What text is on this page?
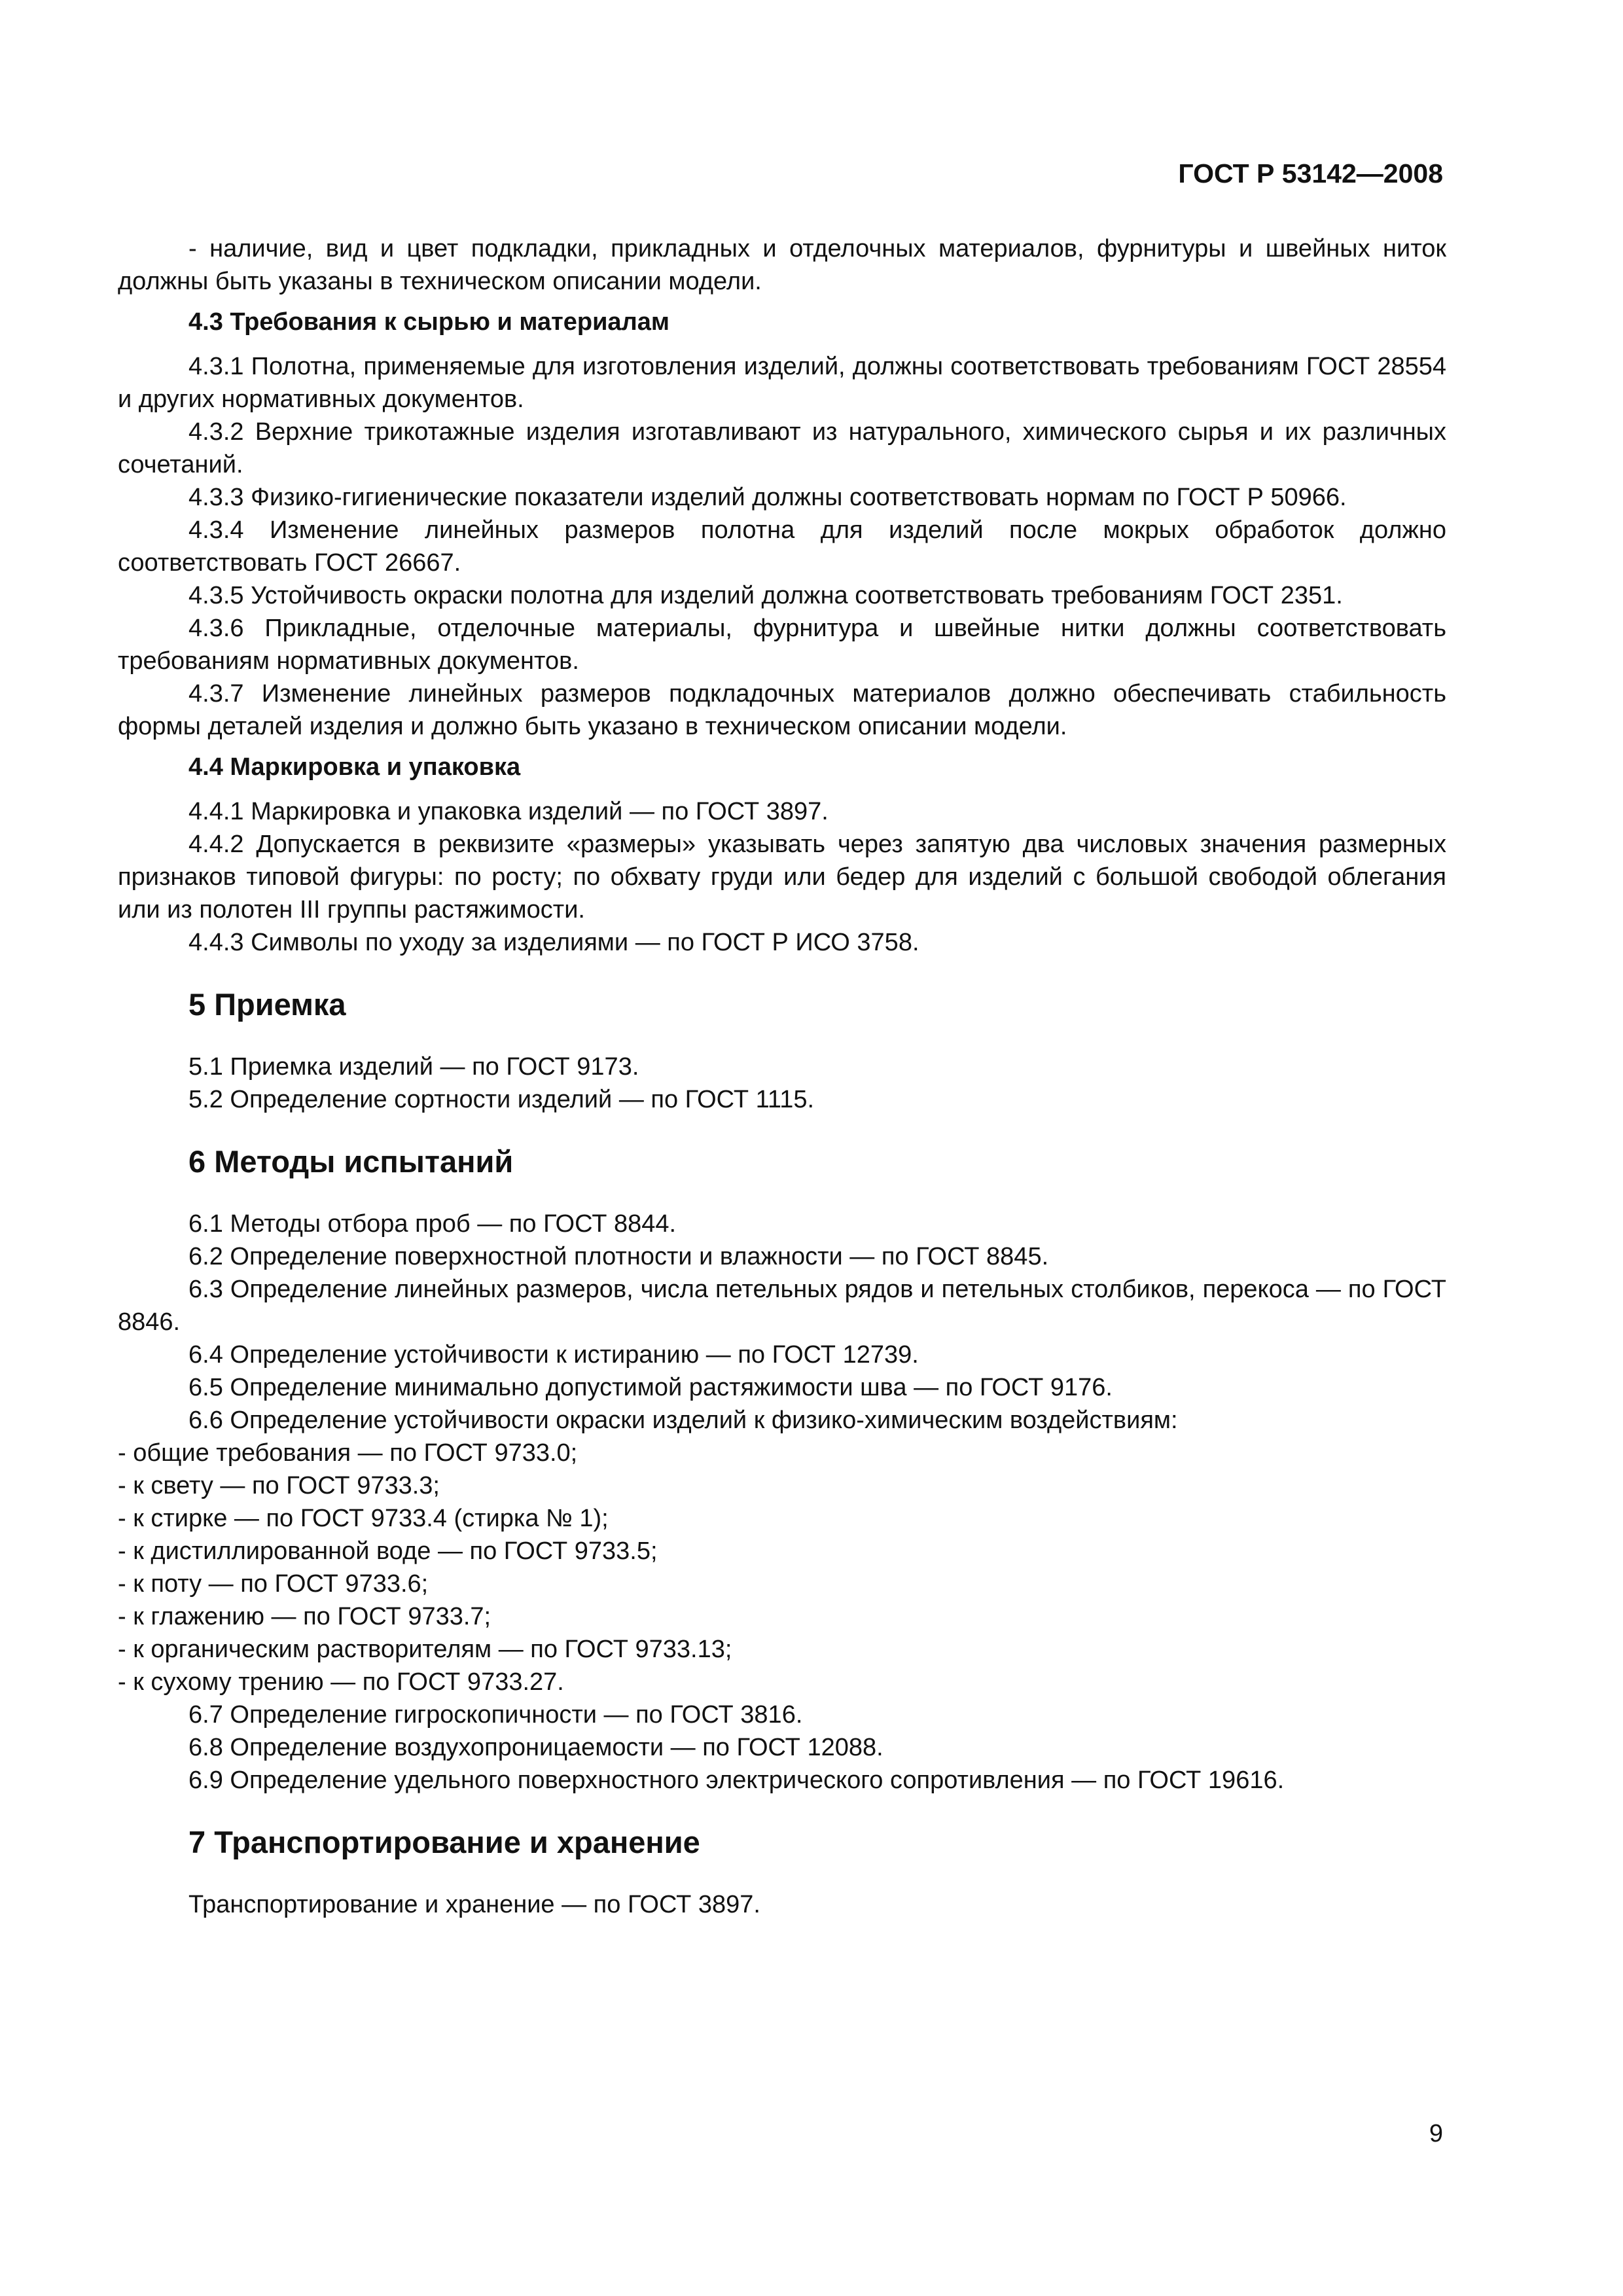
ГОСТ Р 53142—2008

- наличие, вид и цвет подкладки, прикладных и отделочных материалов, фурнитуры и швейных ниток должны быть указаны в техническом описании модели.

4.3 Требования к сырью и материалам

4.3.1 Полотна, применяемые для изготовления изделий, должны соответствовать требованиям ГОСТ 28554 и других нормативных документов.

4.3.2 Верхние трикотажные изделия изготавливают из натурального, химического сырья и их различных сочетаний.

4.3.3 Физико-гигиенические показатели изделий должны соответствовать нормам по ГОСТ Р 50966.

4.3.4 Изменение линейных размеров полотна для изделий после мокрых обработок должно соответствовать ГОСТ 26667.

4.3.5 Устойчивость окраски полотна для изделий должна соответствовать требованиям ГОСТ 2351.

4.3.6 Прикладные, отделочные материалы, фурнитура и швейные нитки должны соответствовать требованиям нормативных документов.

4.3.7 Изменение линейных размеров подкладочных материалов должно обеспечивать стабильность формы деталей изделия и должно быть указано в техническом описании модели.

4.4 Маркировка и упаковка

4.4.1 Маркировка и упаковка изделий — по ГОСТ 3897.

4.4.2 Допускается в реквизите «размеры» указывать через запятую два числовых значения размерных признаков типовой фигуры: по росту; по обхвату груди или бедер для изделий с большой свободой облегания или из полотен III группы растяжимости.

4.4.3 Символы по уходу за изделиями — по ГОСТ Р ИСО 3758.

5 Приемка

5.1 Приемка изделий — по ГОСТ 9173.

5.2 Определение сортности изделий — по ГОСТ 1115.

6 Методы испытаний

6.1 Методы отбора проб — по ГОСТ 8844.

6.2 Определение поверхностной плотности и влажности — по ГОСТ 8845.

6.3 Определение линейных размеров, числа петельных рядов и петельных столбиков, перекоса — по ГОСТ 8846.

6.4 Определение устойчивости к истиранию — по ГОСТ 12739.

6.5 Определение минимально допустимой растяжимости шва — по ГОСТ 9176.

6.6 Определение устойчивости окраски изделий к физико-химическим воздействиям:

- общие требования — по ГОСТ 9733.0;

- к свету — по ГОСТ 9733.3;

- к стирке — по ГОСТ 9733.4 (стирка № 1);

- к дистиллированной воде — по ГОСТ 9733.5;

- к поту — по ГОСТ 9733.6;

- к глажению — по ГОСТ 9733.7;

- к органическим растворителям — по ГОСТ 9733.13;

- к сухому трению — по ГОСТ 9733.27.

6.7 Определение гигроскопичности — по ГОСТ 3816.

6.8 Определение воздухопроницаемости — по ГОСТ 12088.

6.9 Определение удельного поверхностного электрического сопротивления — по ГОСТ 19616.

7 Транспортирование и хранение

Транспортирование и хранение — по ГОСТ 3897.

9
